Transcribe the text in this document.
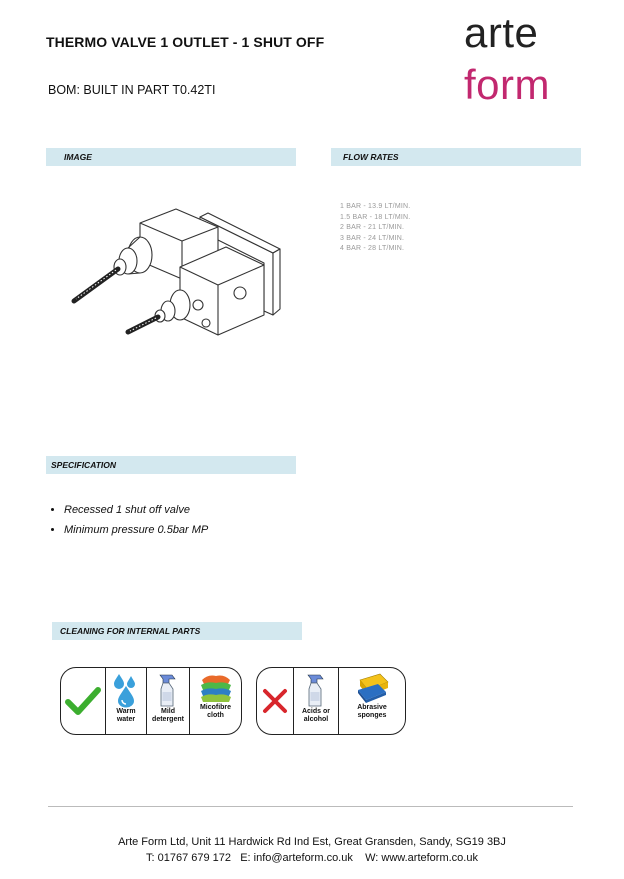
THERMO VALVE 1 OUTLET - 1 SHUT OFF
BOM: BUILT IN PART T0.42TI
arte
form
IMAGE	FLOW RATES
1 BAR - 13.9 LT/MIN.
1.5 BAR - 18 LT/MIN.
2 BAR - 21 LT/MIN.
3 BAR - 24 LT/MIN.
4 BAR - 28 LT/MIN.
SPECIFICATION
• Recessed 1 shut off valve
• Minimum pressure 0.5bar MP
CLEANING FOR INTERNAL PARTS
Warm
water
Mild
detergent
Micofibre
cloth
Acids or
alcohol
Abrasive
sponges
Arte Form Ltd, Unit 11 Hardwick Rd Ind Est, Great Gransden, Sandy, SG19 3BJ
T: 01767 679 172   E: info@arteform.co.uk    W: www.arteform.co.uk
